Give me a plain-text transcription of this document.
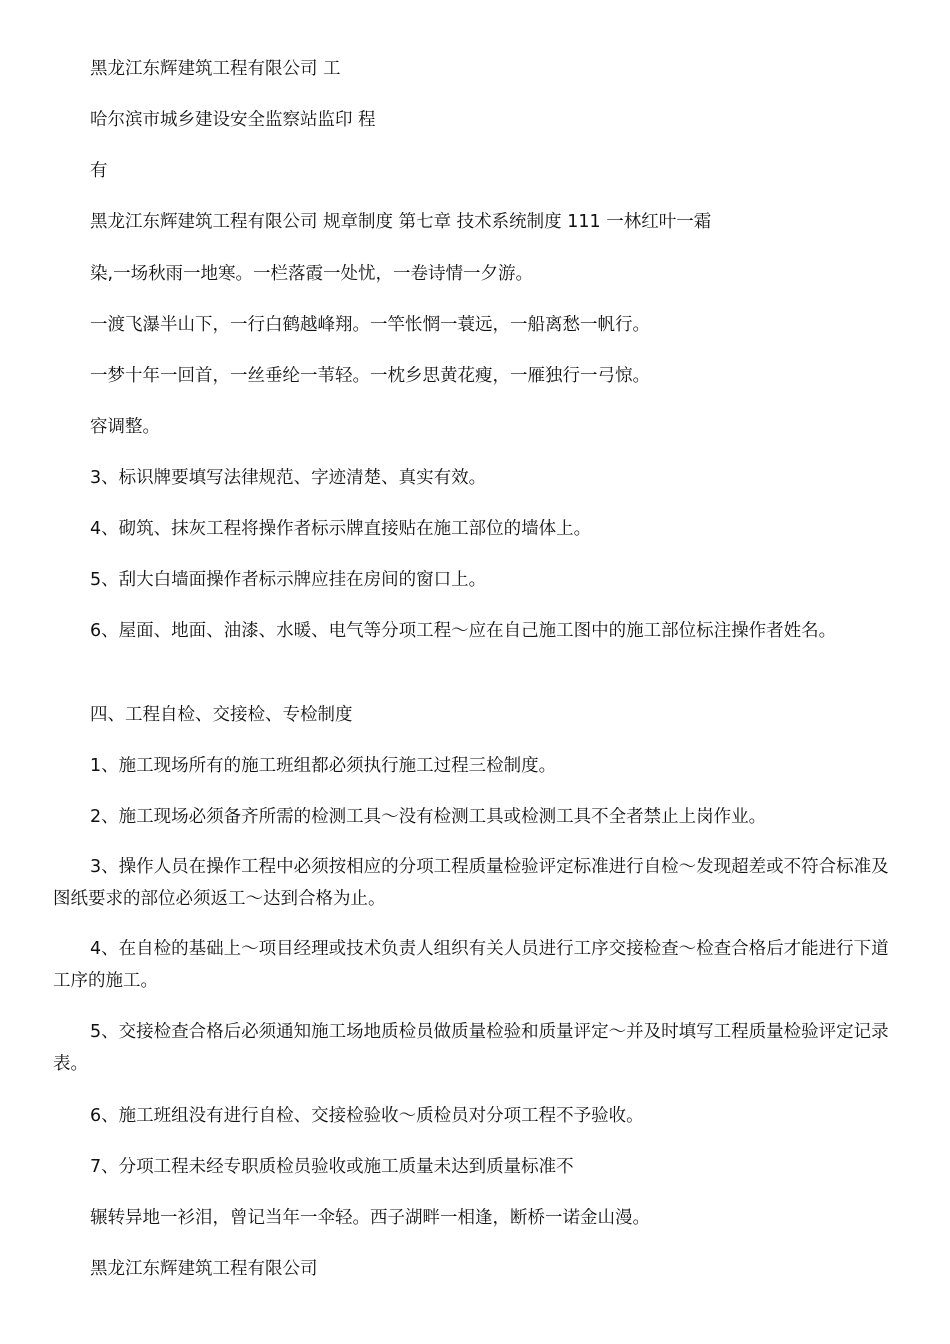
黑龙江东辉建筑工程有限公司 工
哈尔滨市城乡建设安全监察站监印 程
有
黑龙江东辉建筑工程有限公司 规章制度 第七章 技术系统制度 111 一林红叶一霜
染,一场秋雨一地寒。一栏落霞一处忧，一卷诗情一夕游。
一渡飞瀑半山下，一行白鹤越峰翔。一竿怅惘一蓑远，一船离愁一帆行。
一梦十年一回首，一丝垂纶一苇轻。一枕乡思黄花瘦，一雁独行一弓惊。
容调整。
3、标识牌要填写法律规范、字迹清楚、真实有效。
4、砌筑、抹灰工程将操作者标示牌直接贴在施工部位的墙体上。
5、刮大白墙面操作者标示牌应挂在房间的窗口上。
6、屋面、地面、油漆、水暖、电气等分项工程～应在自己施工图中的施工部位标注操作者姓名。
四、工程自检、交接检、专检制度
1、施工现场所有的施工班组都必须执行施工过程三检制度。
2、施工现场必须备齐所需的检测工具～没有检测工具或检测工具不全者禁止上岗作业。
3、操作人员在操作工程中必须按相应的分项工程质量检验评定标准进行自检～发现超差或不符合标准及图纸要求的部位必须返工～达到合格为止。
4、在自检的基础上～项目经理或技术负责人组织有关人员进行工序交接检查～检查合格后才能进行下道工序的施工。
5、交接检查合格后必须通知施工场地质检员做质量检验和质量评定～并及时填写工程质量检验评定记录表。
6、施工班组没有进行自检、交接检验收～质检员对分项工程不予验收。
7、分项工程未经专职质检员验收或施工质量未达到质量标准不
辗转异地一衫泪，曾记当年一伞轻。西子湖畔一相逢，断桥一诺金山漫。
黑龙江东辉建筑工程有限公司
